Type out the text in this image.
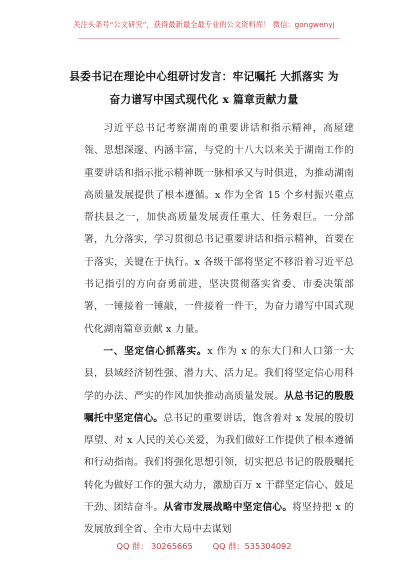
关注头条号“公文研究”，获得最新最全最专业的公文资料库！ 微信：gongwenyj
县委书记在理论中心组研讨发言：牢记嘱托 大抓落实 为
奋力谱写中国式现代化 x 篇章贡献力量

习近平总书记考察湖南的重要讲话和指示精神，高屋建瓴、思想深邃、内涵丰富，与党的十八大以来关于湖南工作的重要讲话和指示批示精神既一脉相承又与时俱进，为推动湖南高质量发展提供了根本遵循。x 作为全省 15 个乡村振兴重点帮扶县之一，加快高质量发展责任重大、任务艰巨。一分部署，九分落实，学习贯彻总书记重要讲话和指示精神，首要在于落实，关键在于执行。x 各级干部将坚定不移沿着习近平总书记指引的方向奋勇前进，坚决贯彻落实省委、市委决策部署，一锤接着一锤敲，一件接着一件干，为奋力谱写中国式现代化湖南篇章贡献 x 力量。

一、坚定信心抓落实。x 作为 x 的东大门和人口第一大县，县域经济韧性强、潜力大、活力足。我们将坚定信心用科学的办法、严实的作风加快推动高质量发展。从总书记的殷殷嘱托中坚定信心。总书记的重要讲话，饱含着对 x 发展的殷切厚望、对 x 人民的关心关爱，为我们做好工作提供了根本遵循和行动指南。我们将强化思想引领，切实把总书记的殷殷嘱托转化为做好工作的强大动力，激励百万 x 干群坚定信心、鼓足干劲、团结奋斗。从省市发展战略中坚定信心。将坚持把 x 的发展放到全省、全市大局中去谋划

QQ 群： 30265665 QQ 群：535304092
